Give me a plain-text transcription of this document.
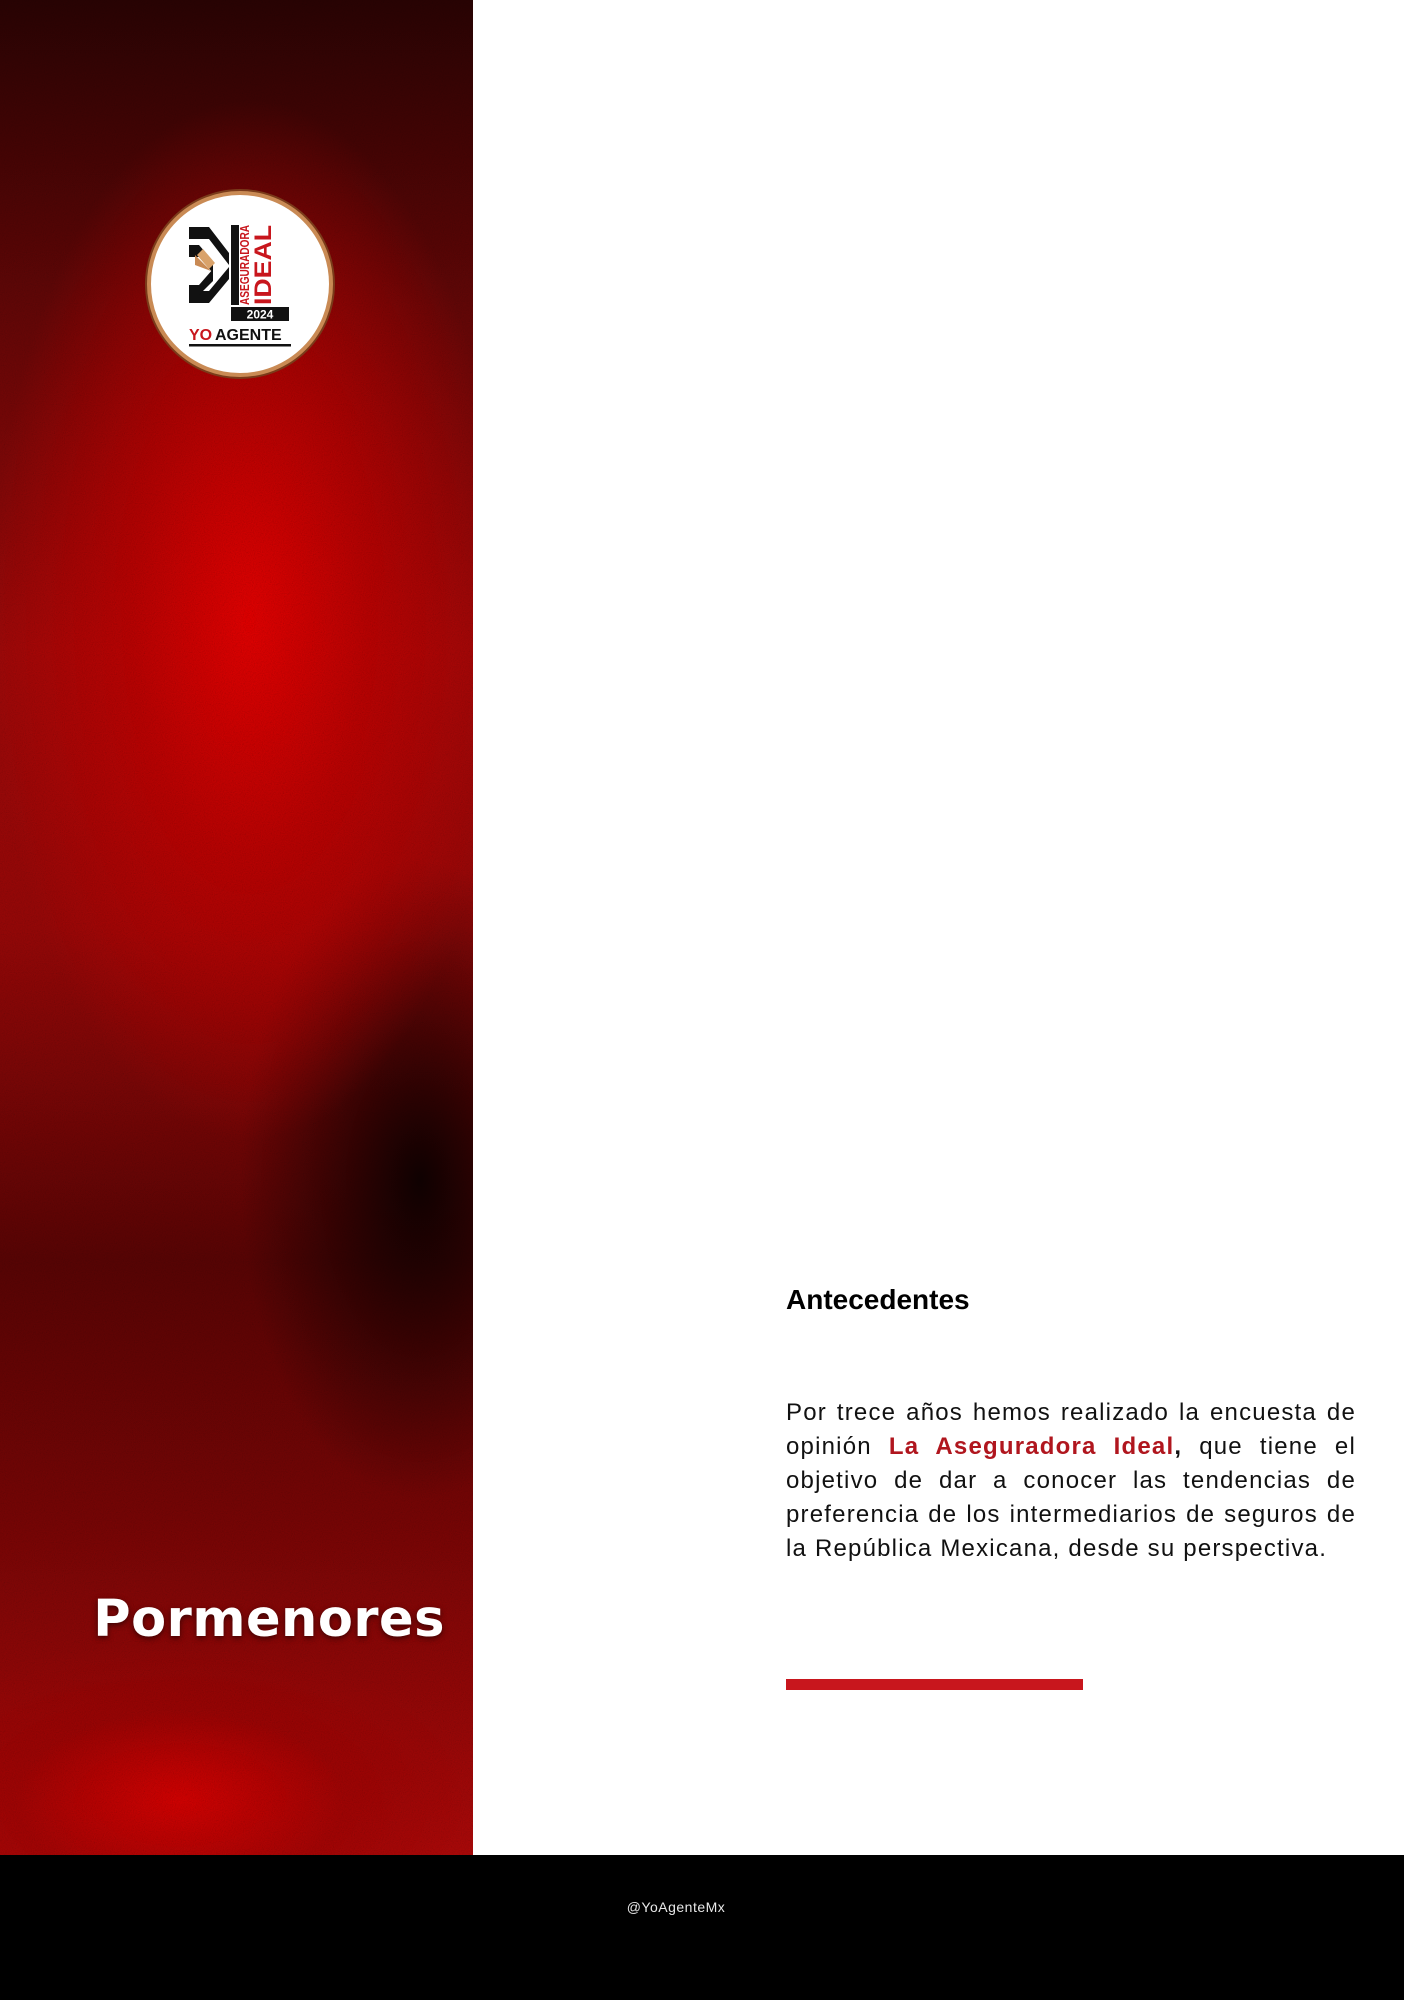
ASEGURADORA
IDEAL
2024
YO AGENTE
Pormenores
Antecedentes

Por trece años hemos realizado la encuesta de opinión La Aseguradora Ideal, que tiene el objetivo de dar a conocer las tendencias de preferencia de los intermediarios de seguros de la República Mexicana, desde su perspectiva.

@YoAgenteMx
